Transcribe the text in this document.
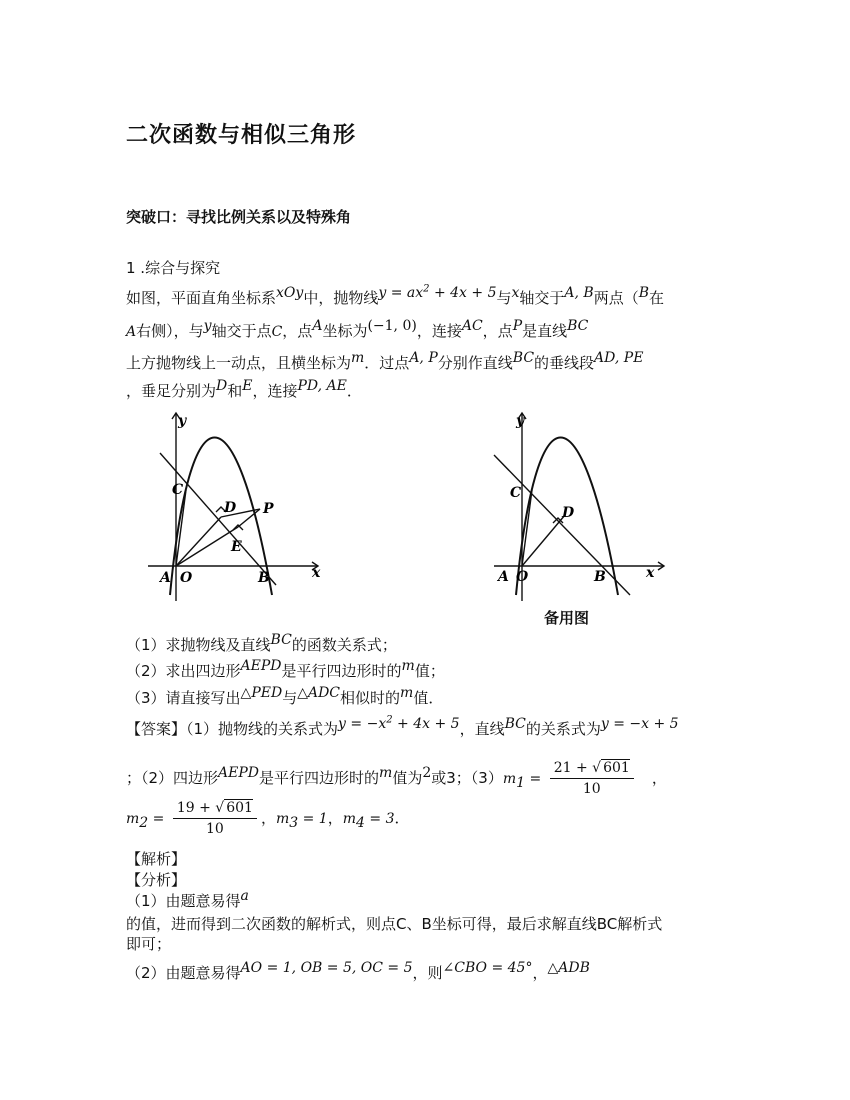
二次函数与相似三角形
突破口：寻找比例关系以及特殊角
1 .综合与探究
如图，平面直角坐标系xOy中，抛物线$y = ax^2 + 4x + 5$与x轴交于A, B两点（B在
A右侧），与y轴交于点C，点A坐标为(−1, 0)，连接AC，点P是直线BC
上方抛物线上一动点，且横坐标为m．过点A, P分别作直线BC的垂线段AD, PE
，垂足分别为D和E，连接PD, AE．
y
x
A O	B
C
D
E
P
y
x
A O	B
C
D
备用图
（1）求抛物线及直线BC的函数关系式；
（2）求出四边形AEPD是平行四边形时的m值；
（3）请直接写出△PED与△ADC相似时的m值．
【答案】（1）抛物线的关系式为$y = -x^2 + 4x + 5$，直线BC的关系式为y = −x + 5
；（2）四边形AEPD是平行四边形时的m值为2或3；$(3)m_1 = \frac{21 + √ 601}{10}$ ，
$m_2 = \frac{19 + √ 601}{10}$ ，$m_3 = 1$，$m_4 = 3$．
【解析】
【分析】
（1）由题意易得a
的值，进而得到二次函数的解析式，则点C、B坐标可得，最后求解直线BC解析式
即可；
（2）由题意易得AO = 1, OB = 5, OC = 5，则∠CBO = 45°，△ADB
